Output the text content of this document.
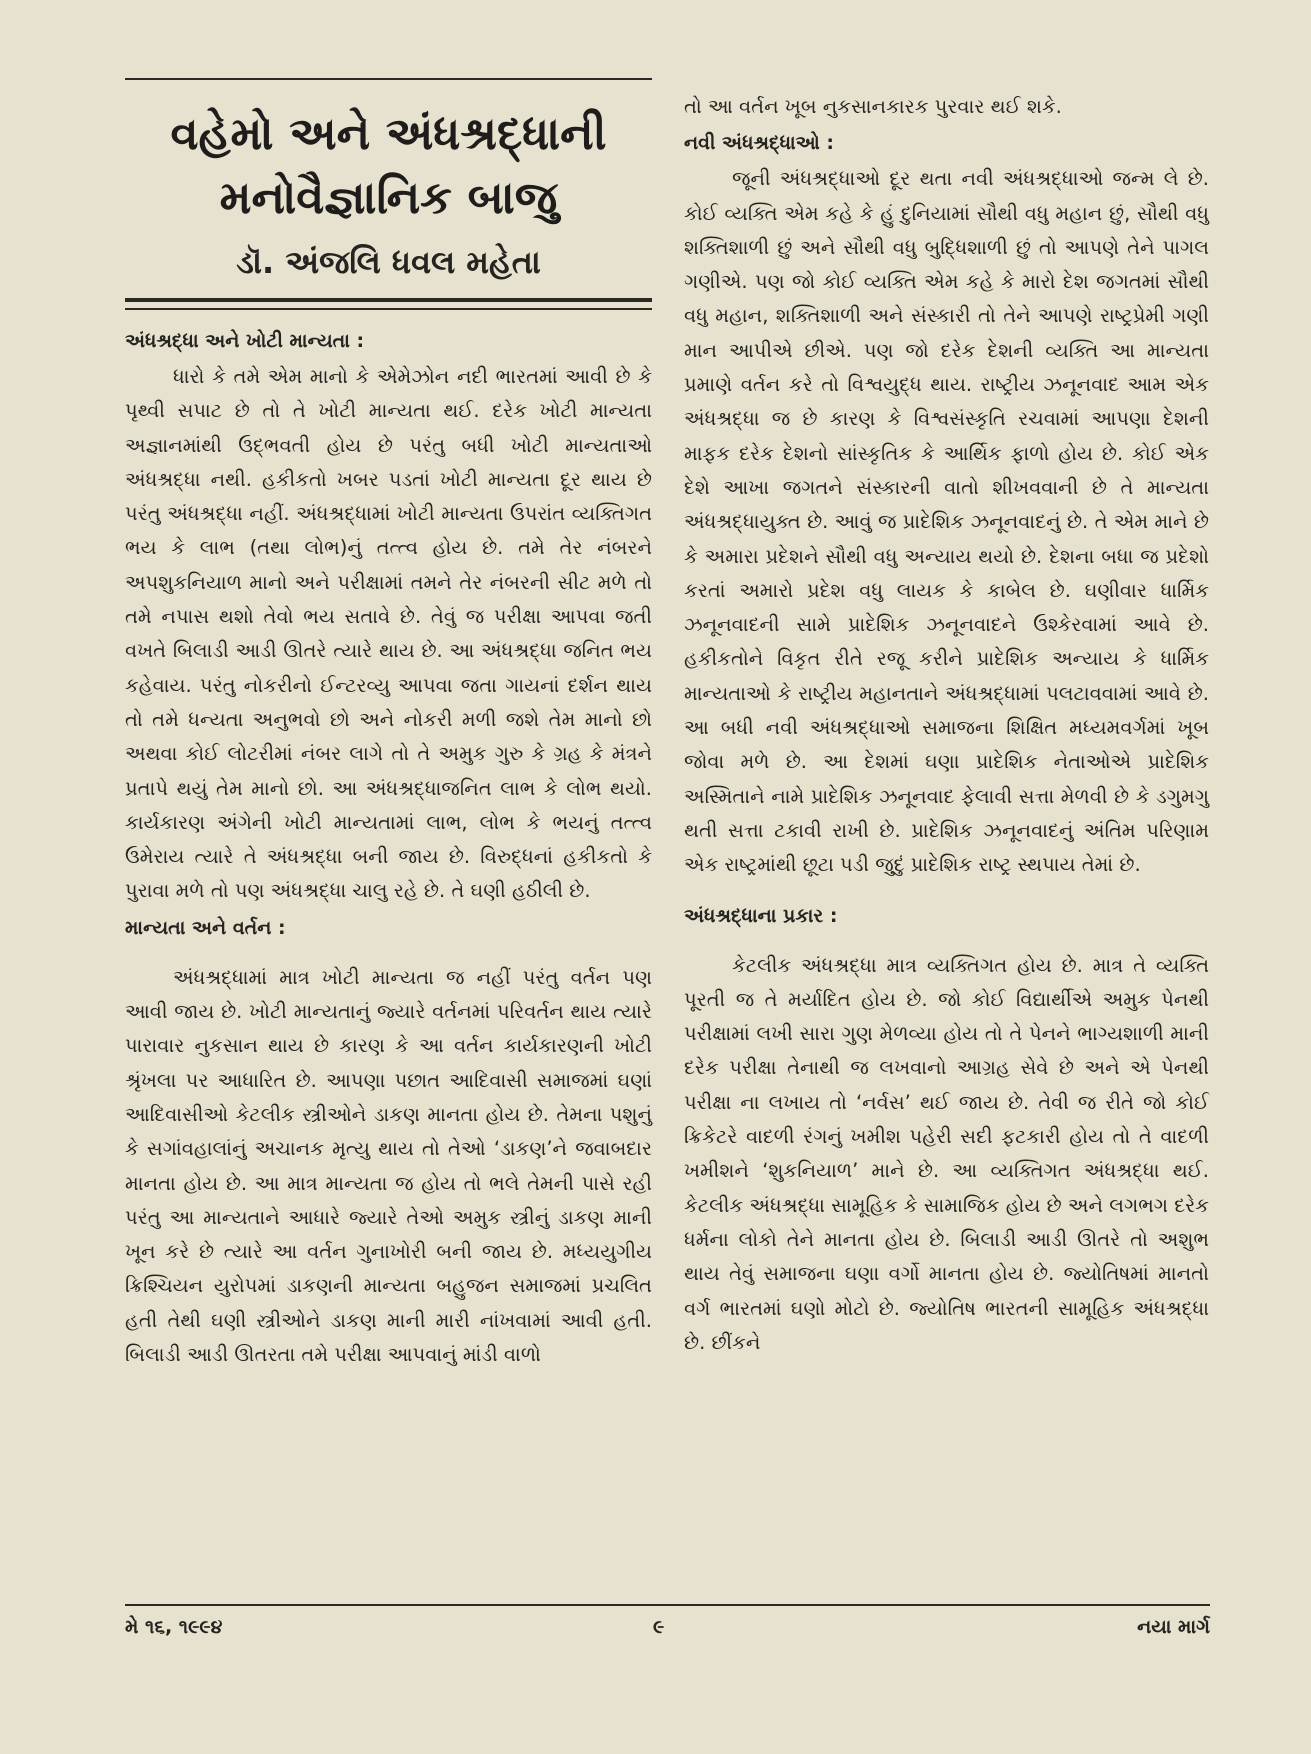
વહેમો અને અંધશ્રદ્ધાની
મનોવૈજ્ઞાનિક બાજુ
ડૉ. અંજલિ ધવલ મહેતા
અંધશ્રદ્ધા અને ખોટી માન્યતા :

ધારો કે તમે એમ માનો કે એમેઝોન નદી ભારતમાં આવી છે કે પૃથ્વી સપાટ છે તો તે ખોટી માન્યતા થઈ. દરેક ખોટી માન્યતા અજ્ઞાનમાંથી ઉદ્ભવતી હોય છે પરંતુ બધી ખોટી માન્યતાઓ અંધશ્રદ્ધા નથી. હકીકતો ખબર પડતાં ખોટી માન્યતા દૂર થાય છે પરંતુ અંધશ્રદ્ધા નહીં. અંધશ્રદ્ધામાં ખોટી માન્યતા ઉપરાંત વ્યક્તિગત ભય કે લાભ (તથા લોભ)નું તત્ત્વ હોય છે. તમે તેર નંબરને અપશુકનિયાળ માનો અને પરીક્ષામાં તમને તેર નંબરની સીટ મળે તો તમે નપાસ થશો તેવો ભય સતાવે છે. તેવું જ પરીક્ષા આપવા જતી વખતે બિલાડી આડી ઊતરે ત્યારે થાય છે. આ અંધશ્રદ્ધા જનિત ભય કહેવાય. પરંતુ નોકરીનો ઈન્ટરવ્યુ આપવા જતા ગાયનાં દર્શન થાય તો તમે ધન્યતા અનુભવો છો અને નોકરી મળી જશે તેમ માનો છો અથવા કોઈ લોટરીમાં નંબર લાગે તો તે અમુક ગુરુ કે ગ્રહ કે મંત્રને પ્રતાપે થયું તેમ માનો છો. આ અંધશ્રદ્ધાજનિત લાભ કે લોભ થયો. કાર્યકારણ અંગેની ખોટી માન્યતામાં લાભ, લોભ કે ભયનું તત્ત્વ ઉમેરાય ત્યારે તે અંધશ્રદ્ધા બની જાય છે. વિરુદ્ધનાં હકીકતો કે પુરાવા મળે તો પણ અંધશ્રદ્ધા ચાલુ રહે છે. તે ઘણી હઠીલી છે.

માન્યતા અને વર્તન :

અંધશ્રદ્ધામાં માત્ર ખોટી માન્યતા જ નહીં પરંતુ વર્તન પણ આવી જાય છે. ખોટી માન્યતાનું જ્યારે વર્તનમાં પરિવર્તન થાય ત્યારે પારાવાર નુકસાન થાય છે કારણ કે આ વર્તન કાર્યકારણની ખોટી શ્રૃંખલા પર આધારિત છે. આપણા પછાત આદિવાસી સમાજમાં ઘણાં આદિવાસીઓ કેટલીક સ્ત્રીઓને ડાકણ માનતા હોય છે. તેમના પશુનું કે સગાંવહાલાંનું અચાનક મૃત્યુ થાય તો તેઓ ‘ડાકણ’ને જવાબદાર માનતા હોય છે. આ માત્ર માન્યતા જ હોય તો ભલે તેમની પાસે રહી પરંતુ આ માન્યતાને આધારે જ્યારે તેઓ અમુક સ્ત્રીનું ડાકણ માની ખૂન કરે છે ત્યારે આ વર્તન ગુનાખોરી બની જાય છે. મધ્યયુગીય ક્રિશ્ચિયન યુરોપમાં ડાકણની માન્યતા બહુજન સમાજમાં પ્રચલિત હતી તેથી ઘણી સ્ત્રીઓને ડાકણ માની મારી નાંખવામાં આવી હતી. બિલાડી આડી ઊતરતા તમે પરીક્ષા આપવાનું માંડી વાળો

તો આ વર્તન ખૂબ નુકસાનકારક પુરવાર થઈ શકે.

નવી અંધશ્રદ્ધાઓ :

જૂની અંધશ્રદ્ધાઓ દૂર થતા નવી અંધશ્રદ્ધાઓ જન્મ લે છે. કોઈ વ્યક્તિ એમ કહે કે હું દુનિયામાં સૌથી વધુ મહાન છું, સૌથી વધુ શક્તિશાળી છું અને સૌથી વધુ બુદ્ધિશાળી છું તો આપણે તેને પાગલ ગણીએ. પણ જો કોઈ વ્યક્તિ એમ કહે કે મારો દેશ જગતમાં સૌથી વધુ મહાન, શક્તિશાળી અને સંસ્કારી તો તેને આપણે રાષ્ટ્રપ્રેમી ગણી માન આપીએ છીએ. પણ જો દરેક દેશની વ્યક્તિ આ માન્યતા પ્રમાણે વર્તન કરે તો વિશ્વયુદ્ધ થાય. રાષ્ટ્રીય ઝનૂનવાદ આમ એક અંધશ્રદ્ધા જ છે કારણ કે વિશ્વસંસ્કૃતિ રચવામાં આપણા દેશની માફક દરેક દેશનો સાંસ્કૃતિક કે આર્થિક ફાળો હોય છે. કોઈ એક દેશે આખા જગતને સંસ્કારની વાતો શીખવવાની છે તે માન્યતા અંધશ્રદ્ધાયુક્ત છે. આવું જ પ્રાદેશિક ઝનૂનવાદનું છે. તે એમ માને છે કે અમારા પ્રદેશને સૌથી વધુ અન્યાય થયો છે. દેશના બધા જ પ્રદેશો કરતાં અમારો પ્રદેશ વધુ લાયક કે કાબેલ છે. ઘણીવાર ધાર્મિક ઝનૂનવાદની સામે પ્રાદેશિક ઝનૂનવાદને ઉશ્કેરવામાં આવે છે. હકીકતોને વિકૃત રીતે રજૂ કરીને પ્રાદેશિક અન્યાય કે ધાર્મિક માન્યતાઓ કે રાષ્ટ્રીય મહાનતાને અંધશ્રદ્ધામાં પલટાવવામાં આવે છે. આ બધી નવી અંધશ્રદ્ધાઓ સમાજના શિક્ષિત મધ્યમવર્ગમાં ખૂબ જોવા મળે છે. આ દેશમાં ઘણા પ્રાદેશિક નેતાઓએ પ્રાદેશિક અસ્મિતાને નામે પ્રાદેશિક ઝનૂનવાદ ફેલાવી સત્તા મેળવી છે કે ડગુમગુ થતી સત્તા ટકાવી રાખી છે. પ્રાદેશિક ઝનૂનવાદનું અંતિમ પરિણામ એક રાષ્ટ્રમાંથી છૂટા પડી જુદું પ્રાદેશિક રાષ્ટ્ર સ્થપાય તેમાં છે.

અંધશ્રદ્ધાના પ્રકાર :

કેટલીક અંધશ્રદ્ધા માત્ર વ્યક્તિગત હોય છે. માત્ર તે વ્યક્તિ પૂરતી જ તે મર્યાદિત હોય છે. જો કોઈ વિદ્યાર્થીએ અમુક પેનથી પરીક્ષામાં લખી સારા ગુણ મેળવ્યા હોય તો તે પેનને ભાગ્યશાળી માની દરેક પરીક્ષા તેનાથી જ લખવાનો આગ્રહ સેવે છે અને એ પેનથી પરીક્ષા ના લખાય તો ‘નર્વસ’ થઈ જાય છે. તેવી જ રીતે જો કોઈ ક્રિકેટરે વાદળી રંગનું ખમીશ પહેરી સદી ફટકારી હોય તો તે વાદળી ખમીશને ‘શુકનિયાળ’ માને છે. આ વ્યક્તિગત અંધશ્રદ્ધા થઈ. કેટલીક અંધશ્રદ્ધા સામૂહિક કે સામાજિક હોય છે અને લગભગ દરેક ધર્મના લોકો તેને માનતા હોય છે. બિલાડી આડી ઊતરે તો અશુભ થાય તેવું સમાજના ઘણા વર્ગો માનતા હોય છે. જ્યોતિષમાં માનતો વર્ગ ભારતમાં ઘણો મોટો છે. જ્યોતિષ ભારતની સામૂહિક અંધશ્રદ્ધા છે. છીંકને

મે ૧૬, ૧૯૯૪	૯	નયા માર્ગ
